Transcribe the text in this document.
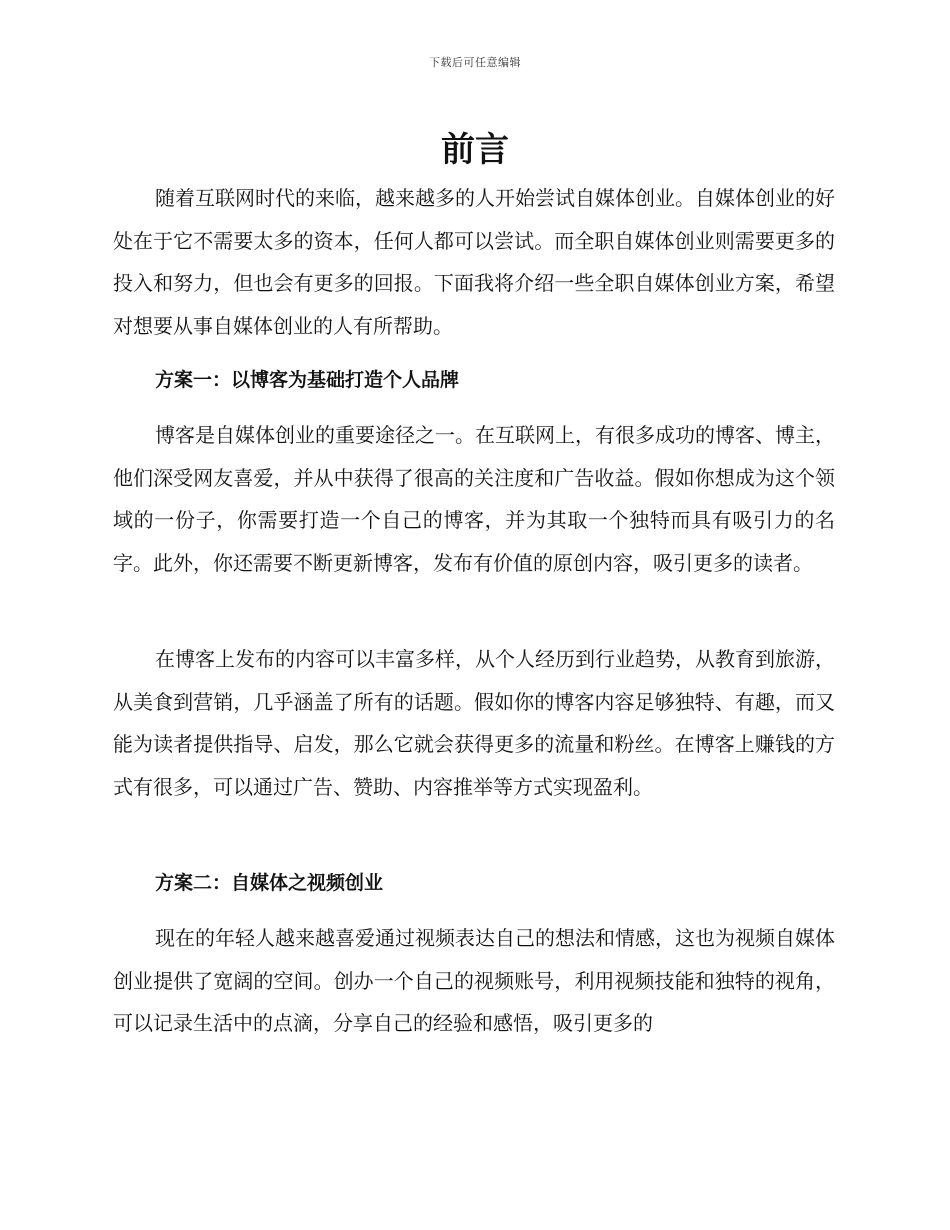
下载后可任意编辑
前言

随着互联网时代的来临，越来越多的人开始尝试自媒体创业。自媒体创业的好处在于它不需要太多的资本，任何人都可以尝试。而全职自媒体创业则需要更多的投入和努力，但也会有更多的回报。下面我将介绍一些全职自媒体创业方案，希望对想要从事自媒体创业的人有所帮助。

方案一：以博客为基础打造个人品牌

博客是自媒体创业的重要途径之一。在互联网上，有很多成功的博客、博主，他们深受网友喜爱，并从中获得了很高的关注度和广告收益。假如你想成为这个领域的一份子，你需要打造一个自己的博客，并为其取一个独特而具有吸引力的名字。此外，你还需要不断更新博客，发布有价值的原创内容，吸引更多的读者。

在博客上发布的内容可以丰富多样，从个人经历到行业趋势，从教育到旅游，从美食到营销，几乎涵盖了所有的话题。假如你的博客内容足够独特、有趣，而又能为读者提供指导、启发，那么它就会获得更多的流量和粉丝。在博客上赚钱的方式有很多，可以通过广告、赞助、内容推举等方式实现盈利。

方案二：自媒体之视频创业

现在的年轻人越来越喜爱通过视频表达自己的想法和情感，这也为视频自媒体创业提供了宽阔的空间。创办一个自己的视频账号，利用视频技能和独特的视角，可以记录生活中的点滴，分享自己的经验和感悟，吸引更多的
